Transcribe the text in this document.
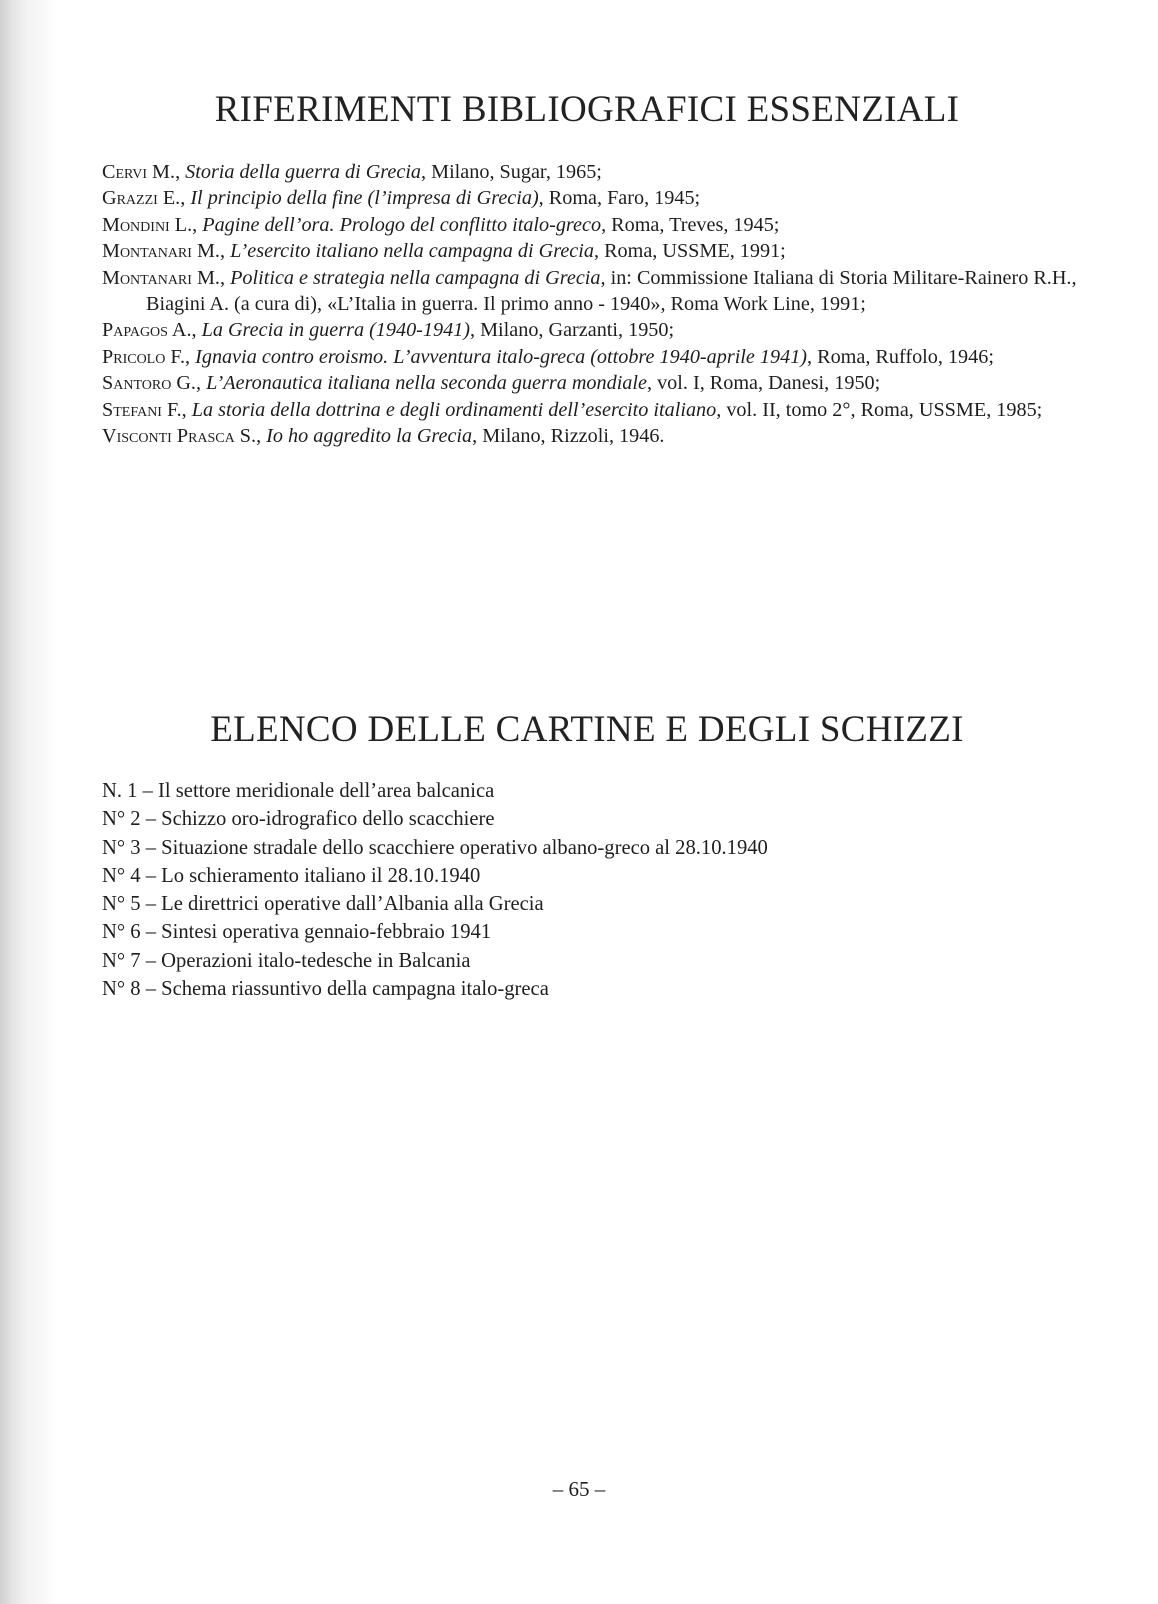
RIFERIMENTI BIBLIOGRAFICI ESSENZIALI
Cervi M., Storia della guerra di Grecia, Milano, Sugar, 1965;
Grazzi E., Il principio della fine (l’impresa di Grecia), Roma, Faro, 1945;
Mondini L., Pagine dell’ora. Prologo del conflitto italo-greco, Roma, Treves, 1945;
Montanari M., L’esercito italiano nella campagna di Grecia, Roma, USSME, 1991;
Montanari M., Politica e strategia nella campagna di Grecia, in: Commissione Italiana di Storia Militare-Rainero R.H., Biagini A. (a cura di), «L’Italia in guerra. Il primo anno - 1940», Roma Work Line, 1991;
Papagos A., La Grecia in guerra (1940-1941), Milano, Garzanti, 1950;
Pricolo F., Ignavia contro eroismo. L’avventura italo-greca (ottobre 1940-aprile 1941), Roma, Ruffolo, 1946;
Santoro G., L’Aeronautica italiana nella seconda guerra mondiale, vol. I, Roma, Danesi, 1950;
Stefani F., La storia della dottrina e degli ordinamenti dell’esercito italiano, vol. II, tomo 2°, Roma, USSME, 1985;
Visconti Prasca S., Io ho aggredito la Grecia, Milano, Rizzoli, 1946.
ELENCO DELLE CARTINE E DEGLI SCHIZZI
N. 1 – Il settore meridionale dell’area balcanica
N° 2 – Schizzo oro-idrografico dello scacchiere
N° 3 – Situazione stradale dello scacchiere operativo albano-greco al 28.10.1940
N° 4 – Lo schieramento italiano il 28.10.1940
N° 5 – Le direttrici operative dall’Albania alla Grecia
N° 6 – Sintesi operativa gennaio-febbraio 1941
N° 7 – Operazioni italo-tedesche in Balcania
N° 8 – Schema riassuntivo della campagna italo-greca
– 65 –
